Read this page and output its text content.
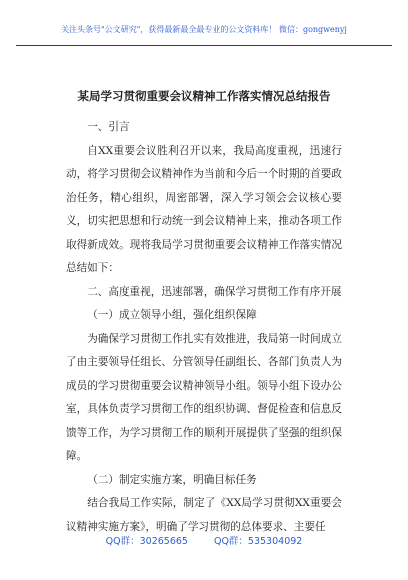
关注头条号"公文研究"，获得最新最全最专业的公文资料库！ 微信：gongwenyj
某局学习贯彻重要会议精神工作落实情况总结报告

一、引言

自XX重要会议胜利召开以来，我局高度重视，迅速行动，将学习贯彻会议精神作为当前和今后一个时期的首要政治任务，精心组织，周密部署，深入学习领会会议核心要义，切实把思想和行动统一到会议精神上来，推动各项工作取得新成效。现将我局学习贯彻重要会议精神工作落实情况总结如下：

二、高度重视，迅速部署，确保学习贯彻工作有序开展

（一）成立领导小组，强化组织保障

为确保学习贯彻工作扎实有效推进，我局第一时间成立了由主要领导任组长、分管领导任副组长、各部门负责人为成员的学习贯彻重要会议精神领导小组。领导小组下设办公室，具体负责学习贯彻工作的组织协调、督促检查和信息反馈等工作，为学习贯彻工作的顺利开展提供了坚强的组织保障。

（二）制定实施方案，明确目标任务

结合我局工作实际，制定了《XX局学习贯彻XX重要会议精神实施方案》，明确了学习贯彻的总体要求、主要任

QQ群：30265665	QQ群：535304092
